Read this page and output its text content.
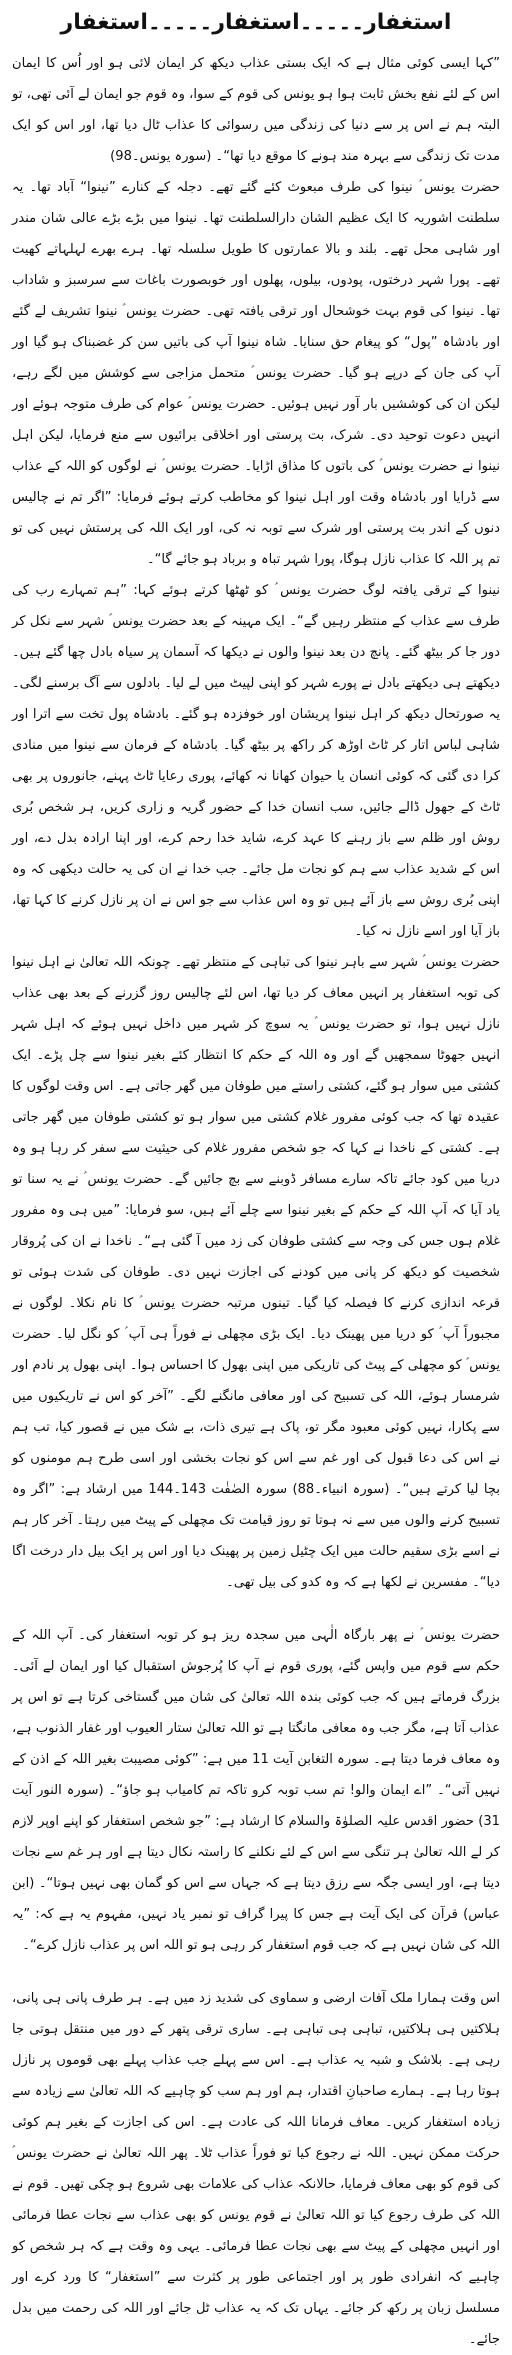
استغفار۔۔۔۔۔استغفار۔۔۔۔۔استغفار

”کہا ایسی کوئی مثال ہے کہ ایک بستی عذاب دیکھ کر ایمان لائی ہو اور اُس کا ایمان اس کے لئے نفع بخش ثابت ہوا ہو یونس کی قوم کے سوا، وہ قوم جو ایمان لے آئی تھی، تو البتہ ہم نے اس پر سے دنیا کی زندگی میں رسوائی کا عذاب ٹال دیا تھا، اور اس کو ایک مدت تک زندگی سے بہرہ مند ہونے کا موقع دیا تھا“۔ (سورہ یونس۔98)

حضرت یونس ؑ نینوا کی طرف مبعوث کئے گئے تھے۔ دجلہ کے کنارے ”نینوا“ آباد تھا۔ یہ سلطنت اشوریہ کا ایک عظیم الشان دارالسلطنت تھا۔ نینوا میں بڑے بڑے عالی شان مندر اور شاہی محل تھے۔ بلند و بالا عمارتوں کا طویل سلسلہ تھا۔ ہرے بھرے لہلہاتے کھیت تھے۔ پورا شہر درختوں، پودوں، بیلوں، پھلوں اور خوبصورت باغات سے سرسبز و شاداب تھا۔ نینوا کی قوم بہت خوشحال اور ترقی یافتہ تھی۔ حضرت یونس ؑ نینوا تشریف لے گئے اور بادشاہ ”پول“ کو پیغام حق سنایا۔ شاہ نینوا آپ کی باتیں سن کر غضبناک ہو گیا اور آپ کی جان کے درپے ہو گیا۔ حضرت یونس ؑ متحمل مزاجی سے کوشش میں لگے رہے، لیکن ان کی کوششیں بار آور نہیں ہوئیں۔ حضرت یونس ؑ عوام کی طرف متوجہ ہوئے اور انہیں دعوت توحید دی۔ شرک، بت پرستی اور اخلاقی برائیوں سے منع فرمایا، لیکن اہل نینوا نے حضرت یونس ؑ کی باتوں کا مذاق اڑایا۔ حضرت یونس ؑ نے لوگوں کو اللہ کے عذاب سے ڈرایا اور بادشاہ وقت اور اہل نینوا کو مخاطب کرتے ہوئے فرمایا: ”اگر تم نے چالیس دنوں کے اندر بت پرستی اور شرک سے توبہ نہ کی، اور ایک اللہ کی پرستش نہیں کی تو تم پر اللہ کا عذاب نازل ہوگا، پورا شہر تباہ و برباد ہو جائے گا“۔

نینوا کے ترقی یافتہ لوگ حضرت یونس ؑ کو ٹھٹھا کرتے ہوئے کہا: ”ہم تمہارے رب کی طرف سے عذاب کے منتظر رہیں گے“۔ ایک مہینہ کے بعد حضرت یونس ؑ شہر سے نکل کر دور جا کر بیٹھ گئے۔ پانچ دن بعد نینوا والوں نے دیکھا کہ آسمان پر سیاہ بادل چھا گئے ہیں۔ دیکھتے ہی دیکھتے بادل نے پورے شہر کو اپنی لپیٹ میں لے لیا۔ بادلوں سے آگ برسنے لگی۔ یہ صورتحال دیکھ کر اہل نینوا پریشان اور خوفزدہ ہو گئے۔ بادشاہ پول تخت سے اترا اور شاہی لباس اتار کر ٹاٹ اوڑھ کر راکھ پر بیٹھ گیا۔ بادشاہ کے فرمان سے نینوا میں منادی کرا دی گئی کہ کوئی انسان یا حیوان کھانا نہ کھائے، پوری رعایا ٹاٹ پہنے، جانوروں پر بھی ٹاٹ کے جھول ڈالے جائیں، سب انسان خدا کے حضور گریہ و زاری کریں، ہر شخص بُری روش اور ظلم سے باز رہنے کا عہد کرے، شاید خدا رحم کرے، اور اپنا ارادہ بدل دے، اور اس کے شدید عذاب سے ہم کو نجات مل جائے۔ جب خدا نے ان کی یہ حالت دیکھی کہ وہ اپنی بُری روش سے باز آئے ہیں تو وہ اس عذاب سے جو اس نے ان پر نازل کرنے کا کہا تھا، باز آیا اور اسے نازل نہ کیا۔

حضرت یونس ؑ شہر سے باہر نینوا کی تباہی کے منتظر تھے۔ چونکہ اللہ تعالیٰ نے اہل نینوا کی توبہ استغفار پر انہیں معاف کر دیا تھا، اس لئے چالیس روز گزرنے کے بعد بھی عذاب نازل نہیں ہوا، تو حضرت یونس ؑ یہ سوچ کر شہر میں داخل نہیں ہوئے کہ اہل شہر انہیں جھوٹا سمجھیں گے اور وہ اللہ کے حکم کا انتظار کئے بغیر نینوا سے چل پڑے۔ ایک کشتی میں سوار ہو گئے، کشتی راستے میں طوفان میں گھر جاتی ہے۔ اس وقت لوگوں کا عقیدہ تھا کہ جب کوئی مفرور غلام کشتی میں سوار ہو تو کشتی طوفان میں گھر جاتی ہے۔ کشتی کے ناخدا نے کہا کہ جو شخص مفرور غلام کی حیثیت سے سفر کر رہا ہو وہ دریا میں کود جائے تاکہ سارے مسافر ڈوبنے سے بچ جائیں گے۔ حضرت یونس ؑ نے یہ سنا تو یاد آیا کہ آپ اللہ کے حکم کے بغیر نینوا سے چلے آئے ہیں، سو فرمایا: ”میں ہی وہ مفرور غلام ہوں جس کی وجہ سے کشتی طوفان کی زد میں آ گئی ہے“۔ ناخدا نے ان کی پُروقار شخصیت کو دیکھ کر پانی میں کودنے کی اجازت نہیں دی۔ طوفان کی شدت ہوئی تو قرعہ اندازی کرنے کا فیصلہ کیا گیا۔ تینوں مرتبہ حضرت یونس ؑ کا نام نکلا۔ لوگوں نے مجبوراً آپ ؑ کو دریا میں پھینک دیا۔ ایک بڑی مچھلی نے فوراً ہی آپ ؑ کو نگل لیا۔ حضرت یونس ؑ کو مچھلی کے پیٹ کی تاریکی میں اپنی بھول کا احساس ہوا۔ اپنی بھول پر نادم اور شرمسار ہوئے، اللہ کی تسبیح کی اور معافی مانگنے لگے۔ ”آخر کو اس نے تاریکیوں میں سے پکارا، نہیں کوئی معبود مگر تو، پاک ہے تیری ذات، بے شک میں نے قصور کیا، تب ہم نے اس کی دعا قبول کی اور غم سے اس کو نجات بخشی اور اسی طرح ہم مومنوں کو بچا لیا کرتے ہیں“۔ (سورہ انبیاء۔88) سورہ الصٰفٰت 143۔144 میں ارشاد ہے: ”اگر وہ تسبیح کرنے والوں میں سے نہ ہوتا تو روز قیامت تک مچھلی کے پیٹ میں رہتا۔ آخر کار ہم نے اسے بڑی سقیم حالت میں ایک چٹیل زمین پر پھینک دیا اور اس پر ایک بیل دار درخت اگا دیا“۔ مفسرین نے لکھا ہے کہ وہ کدو کی بیل تھی۔

حضرت یونس ؑ نے پھر بارگاہ الٰہی میں سجدہ ریز ہو کر توبہ استغفار کی۔ آپ اللہ کے حکم سے قوم میں واپس گئے، پوری قوم نے آپ کا پُرجوش استقبال کیا اور ایمان لے آئی۔ بزرگ فرماتے ہیں کہ جب کوئی بندہ اللہ تعالیٰ کی شان میں گستاخی کرتا ہے تو اس پر عذاب آتا ہے، مگر جب وہ معافی مانگتا ہے تو اللہ تعالیٰ ستار العیوب اور غفار الذنوب ہے، وہ معاف فرما دیتا ہے۔ سورہ التغابن آیت 11 میں ہے: ”کوئی مصیبت بغیر اللہ کے اذن کے نہیں آتی“۔ ”اے ایمان والو! تم سب توبہ کرو تاکہ تم کامیاب ہو جاؤ“۔ (سورہ النور آیت 31) حضور اقدس علیہ الصلوٰۃ والسلام کا ارشاد ہے: ”جو شخص استغفار کو اپنے اوپر لازم کر لے اللہ تعالیٰ ہر تنگی سے اس کے لئے نکلنے کا راستہ نکال دیتا ہے اور ہر غم سے نجات دیتا ہے، اور ایسی جگہ سے رزق دیتا ہے کہ جہاں سے اس کو گمان بھی نہیں ہوتا“۔ (ابن عباس) قرآن کی ایک آیت ہے جس کا پیرا گراف تو نمبر یاد نہیں، مفہوم یہ ہے کہ: ”یہ اللہ کی شان نہیں ہے کہ جب قوم استغفار کر رہی ہو تو اللہ اس پر عذاب نازل کرے“۔

اس وقت ہمارا ملک آفات ارضی و سماوی کی شدید زد میں ہے۔ ہر طرف پانی ہی پانی، ہلاکتیں ہی ہلاکتیں، تباہی ہی تباہی ہے۔ ساری ترقی پتھر کے دور میں منتقل ہوتی جا رہی ہے۔ بلاشک و شبہ یہ عذاب ہے۔ اس سے پہلے جب عذاب پہلے بھی قوموں پر نازل ہوتا رہا ہے۔ ہمارے صاحبانِ اقتدار، ہم اور ہم سب کو چاہیے کہ اللہ تعالیٰ سے زیادہ سے زیادہ استغفار کریں۔ معاف فرمانا اللہ کی عادت ہے۔ اس کی اجازت کے بغیر ہم کوئی حرکت ممکن نہیں۔ اللہ نے رجوع کیا تو فوراً عذاب ٹلا۔ پھر اللہ تعالیٰ نے حضرت یونس ؑ کی قوم کو بھی معاف فرمایا، حالانکہ عذاب کی علامات بھی شروع ہو چکی تھیں۔ قوم نے اللہ کی طرف رجوع کیا تو اللہ تعالیٰ نے قوم یونس کو بھی عذاب سے نجات عطا فرمائی اور انہیں مچھلی کے پیٹ سے بھی نجات عطا فرمائی۔ یہی وہ وقت ہے کہ ہر شخص کو چاہیے کہ انفرادی طور پر اور اجتماعی طور پر کثرت سے ”استغفار“ کا ورد کرے اور مسلسل زبان پر رکھ کر جائے۔ یہاں تک کہ یہ عذاب ٹل جائے اور اللہ کی رحمت میں بدل جائے۔
